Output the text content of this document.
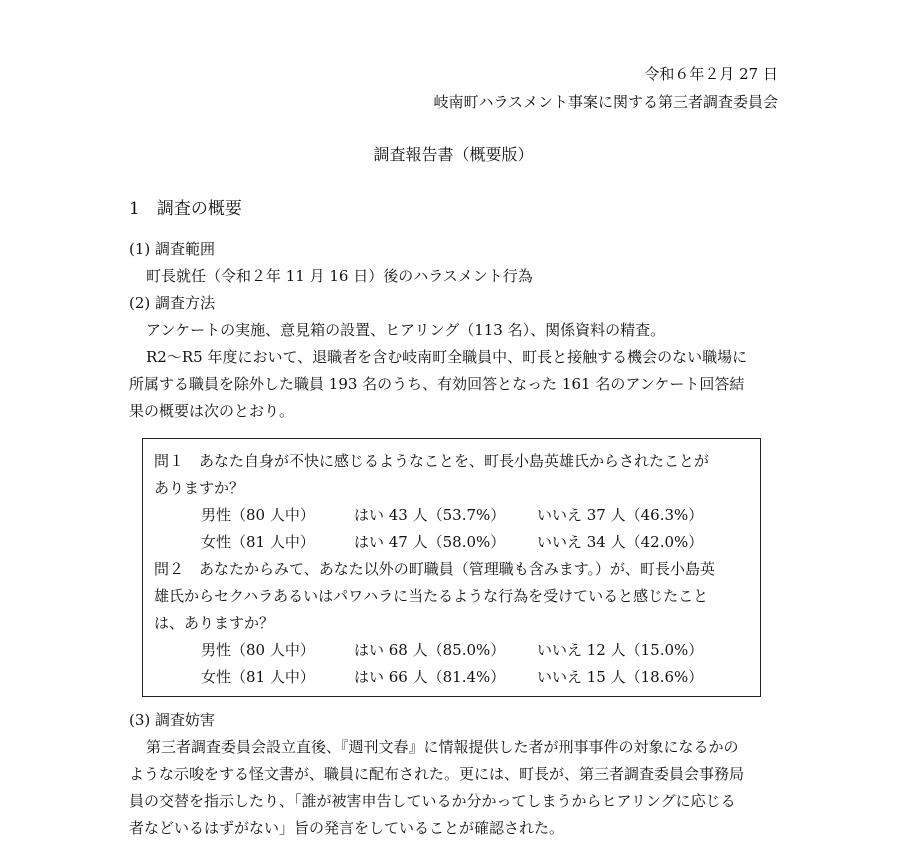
令和６年２月 27 日
岐南町ハラスメント事案に関する第三者調査委員会
調査報告書（概要版）
1　調査の概要
(1) 調査範囲
町長就任（令和２年 11 月 16 日）後のハラスメント行為
(2) 調査方法
アンケートの実施、意見箱の設置、ヒアリング（113 名）、関係資料の精査。
R2～R5 年度において、退職者を含む岐南町全職員中、町長と接触する機会のない職場に
所属する職員を除外した職員 193 名のうち、有効回答となった 161 名のアンケート回答結
果の概要は次のとおり。
問１　あなた自身が不快に感じるようなことを、町長小島英雄氏からされたことが
ありますか？
男性（80 人中）	はい 43 人（53.7%） いいえ 37 人（46.3%）
女性（81 人中）	はい 47 人（58.0%） いいえ 34 人（42.0%）
問２　あなたからみて、あなた以外の町職員（管理職も含みます。）が、町長小島英
雄氏からセクハラあるいはパワハラに当たるような行為を受けていると感じたこと
は、ありますか？
男性（80 人中）	はい 68 人（85.0%） いいえ 12 人（15.0%）
女性（81 人中）	はい 66 人（81.4%） いいえ 15 人（18.6%）
(3) 調査妨害
第三者調査委員会設立直後、『週刊文春』に情報提供した者が刑事事件の対象になるかの
ような示唆をする怪文書が、職員に配布された。更には、町長が、第三者調査委員会事務局
員の交替を指示したり、「誰が被害申告しているか分かってしまうからヒアリングに応じる
者などいるはずがない」旨の発言をしていることが確認された。
